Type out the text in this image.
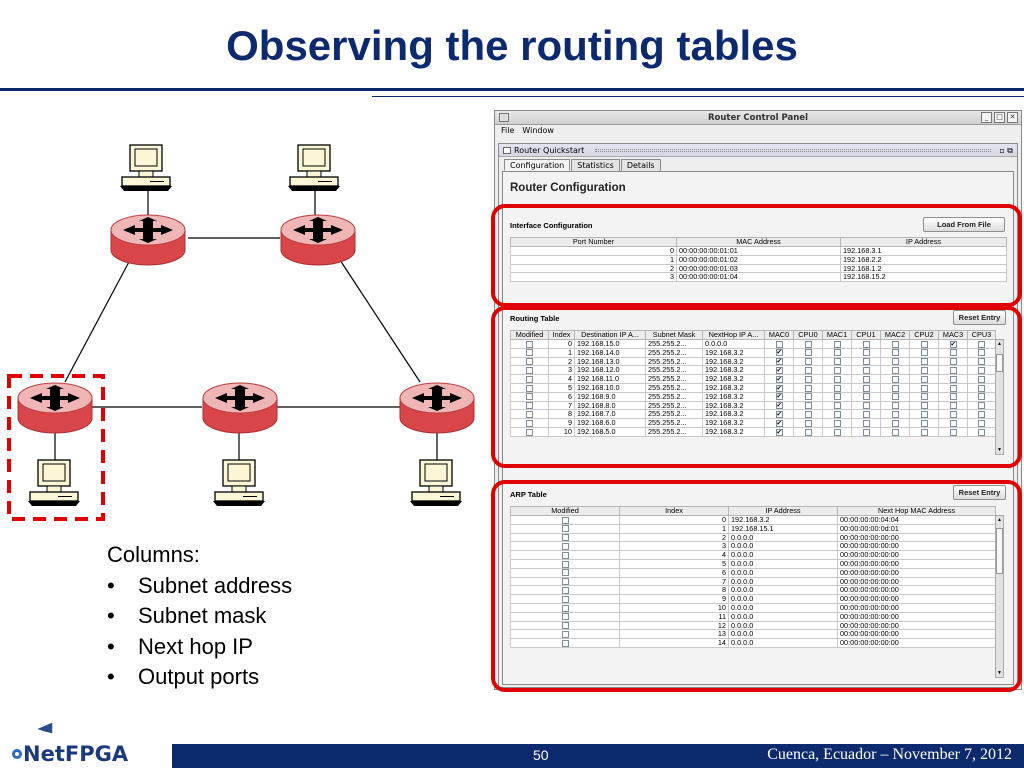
Observing the routing tables
Columns:
• Subnet address
• Subnet mask
• Next hop IP
• Output ports
Router Control Panel	_	□ ✕
File Window
Router Quickstart	▫ ⧉
Configuration	Statistics	Details
Router Configuration
Interface Configuration	Load From File
Port Number	MAC Address	IP Address
0	00:00:00:00:01:01	192.168.3.1
1	00:00:00:00:01:02	192.168.2.2
2	00:00:00:00:01:03	192.168.1.2
3	00:00:00:00:01:04	192.168.15.2
Routing Table	Reset Entry
Modified	Index	Destination IP A...	Subnet Mask	NextHop IP A...	MAC0	CPU0	MAC1	CPU1	MAC2	CPU2	MAC3	CPU3
	0	192.168.15.0	255.255.2...	0.0.0.0							✔	
	1	192.168.14.0	255.255.2...	192.168.3.2	✔							
	2	192.168.13.0	255.255.2...	192.168.3.2	✔							
	3	192.168.12.0	255.255.2...	192.168.3.2	✔							
	4	192.168.11.0	255.255.2...	192.168.3.2	✔							
	5	192.168.10.0	255.255.2...	192.168.3.2	✔							
	6	192.168.9.0	255.255.2...	192.168.3.2	✔							
	7	192.168.8.0	255.255.2...	192.168.3.2	✔							
	8	192.168.7.0	255.255.2...	192.168.3.2	✔							
	9	192.168.6.0	255.255.2...	192.168.3.2	✔							
	10	192.168.5.0	255.255.2...	192.168.3.2	✔							
▲
▼
ARP Table	Reset Entry
Modified	Index	IP Address	Next Hop MAC Address
	0	192.168.3.2	00:00:00:00:04:04
	1	192.168.15.1	00:00:00:00:0d:01
	2	0.0.0.0	00:00:00:00:00:00
	3	0.0.0.0	00:00:00:00:00:00
	4	0.0.0.0	00:00:00:00:00:00
	5	0.0.0.0	00:00:00:00:00:00
	6	0.0.0.0	00:00:00:00:00:00
	7	0.0.0.0	00:00:00:00:00:00
	8	0.0.0.0	00:00:00:00:00:00
	9	0.0.0.0	00:00:00:00:00:00
	10	0.0.0.0	00:00:00:00:00:00
	11	0.0.0.0	00:00:00:00:00:00
	12	0.0.0.0	00:00:00:00:00:00
	13	0.0.0.0	00:00:00:00:00:00
	14	0.0.0.0	00:00:00:00:00:00
▲
▼
NetFPGA	50	Cuenca, Ecuador – November 7, 2012
